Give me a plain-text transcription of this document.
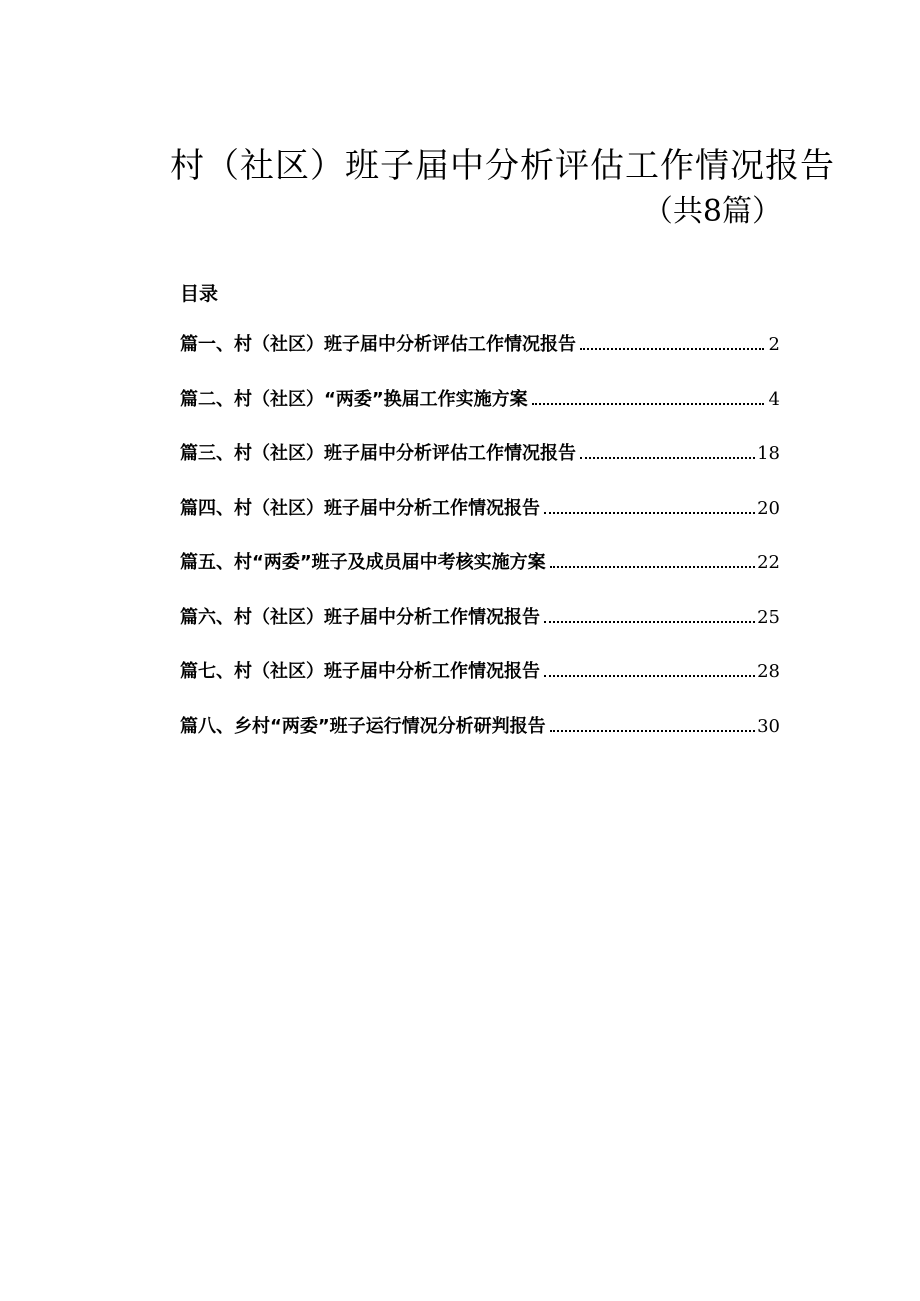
村（社区）班子届中分析评估工作情况报告
（共8篇）
目录
篇一、村（社区）班子届中分析评估工作情况报告	2
篇二、村（社区）“两委”换届工作实施方案	4
篇三、村（社区）班子届中分析评估工作情况报告	18
篇四、村（社区）班子届中分析工作情况报告	20
篇五、村“两委”班子及成员届中考核实施方案	22
篇六、村（社区）班子届中分析工作情况报告	25
篇七、村（社区）班子届中分析工作情况报告	28
篇八、乡村“两委”班子运行情况分析研判报告	30
